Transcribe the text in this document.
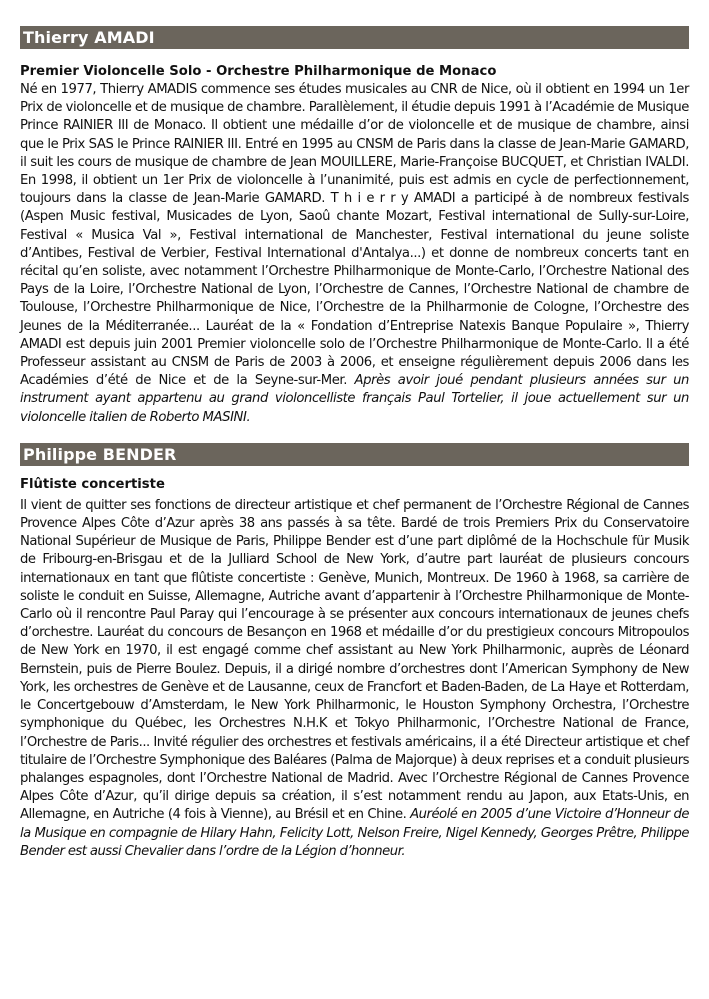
Thierry AMADI
Premier Violoncelle Solo - Orchestre Philharmonique de Monaco

Né en 1977, Thierry AMADIS commence ses études musicales au CNR de Nice, où il obtient en 1994 un 1er Prix de violoncelle et de musique de chambre. Parallèlement, il étudie depuis 1991 à l’Académie de Musique Prince RAINIER III de Monaco. Il obtient une médaille d’or de violoncelle et de musique de chambre, ainsi que le Prix SAS le Prince RAINIER III. Entré en 1995 au CNSM de Paris dans la classe de Jean-Marie GAMARD, il suit les cours de musique de chambre de Jean MOUILLERE, Marie-Françoise BUCQUET, et Christian IVALDI. En 1998, il obtient un 1er Prix de violoncelle à l’unanimité, puis est admis en cycle de perfectionnement, toujours dans la classe de Jean-Marie GAMARD. T h i e r r y AMADI a participé à de nombreux festivals (Aspen Music festival, Musicades de Lyon, Saoû chante Mozart, Festival international de Sully-sur-Loire, Festival « Musica Val », Festival international de Manchester, Festival international du jeune soliste d’Antibes, Festival de Verbier, Festival International d'Antalya...) et donne de nombreux concerts tant en récital qu’en soliste, avec notamment l’Orchestre Philharmonique de Monte-Carlo, l’Orchestre National des Pays de la Loire, l’Orchestre National de Lyon, l’Orchestre de Cannes, l’Orchestre National de chambre de Toulouse, l’Orchestre Philharmonique de Nice, l’Orchestre de la Philharmonie de Cologne, l’Orchestre des Jeunes de la Méditerranée... Lauréat de la « Fondation d’Entreprise Natexis Banque Populaire », Thierry AMADI est depuis juin 2001 Premier violoncelle solo de l’Orchestre Philharmonique de Monte-Carlo. Il a été Professeur assistant au CNSM de Paris de 2003 à 2006, et enseigne régulièrement depuis 2006 dans les Académies d’été de Nice et de la Seyne-sur-Mer. Après avoir joué pendant plusieurs années sur un instrument ayant appartenu au grand violoncelliste français Paul Tortelier, il joue actuellement sur un violoncelle italien de Roberto MASINI.

Philippe BENDER
Flûtiste concertiste

Il vient de quitter ses fonctions de directeur artistique et chef permanent de l’Orchestre Régional de Cannes Provence Alpes Côte d’Azur après 38 ans passés à sa tête. Bardé de trois Premiers Prix du Conservatoire National Supérieur de Musique de Paris, Philippe Bender est d’une part diplômé de la Hochschule für Musik de Fribourg-en-Brisgau et de la Julliard School de New York, d’autre part lauréat de plusieurs concours internationaux en tant que flûtiste concertiste : Genève, Munich, Montreux. De 1960 à 1968, sa carrière de soliste le conduit en Suisse, Allemagne, Autriche avant d’appartenir à l’Orchestre Philharmonique de Monte-Carlo où il rencontre Paul Paray qui l’encourage à se présenter aux concours internationaux de jeunes chefs d’orchestre. Lauréat du concours de Besançon en 1968 et médaille d’or du prestigieux concours Mitropoulos de New York en 1970, il est engagé comme chef assistant au New York Philharmonic, auprès de Léonard Bernstein, puis de Pierre Boulez. Depuis, il a dirigé nombre d’orchestres dont l’American Symphony de New York, les orchestres de Genève et de Lausanne, ceux de Francfort et Baden-Baden, de La Haye et Rotterdam, le Concertgebouw d’Amsterdam, le New York Philharmonic, le Houston Symphony Orchestra, l’Orchestre symphonique du Québec, les Orchestres N.H.K et Tokyo Philharmonic, l’Orchestre National de France, l’Orchestre de Paris... Invité régulier des orchestres et festivals américains, il a été Directeur artistique et chef titulaire de l’Orchestre Symphonique des Baléares (Palma de Majorque) à deux reprises et a conduit plusieurs phalanges espagnoles, dont l’Orchestre National de Madrid. Avec l’Orchestre Régional de Cannes Provence Alpes Côte d’Azur, qu’il dirige depuis sa création, il s’est notamment rendu au Japon, aux Etats-Unis, en Allemagne, en Autriche (4 fois à Vienne), au Brésil et en Chine. Auréolé en 2005 d’une Victoire d’Honneur de la Musique en compagnie de Hilary Hahn, Felicity Lott, Nelson Freire, Nigel Kennedy, Georges Prêtre, Philippe Bender est aussi Chevalier dans l’ordre de la Légion d’honneur.
